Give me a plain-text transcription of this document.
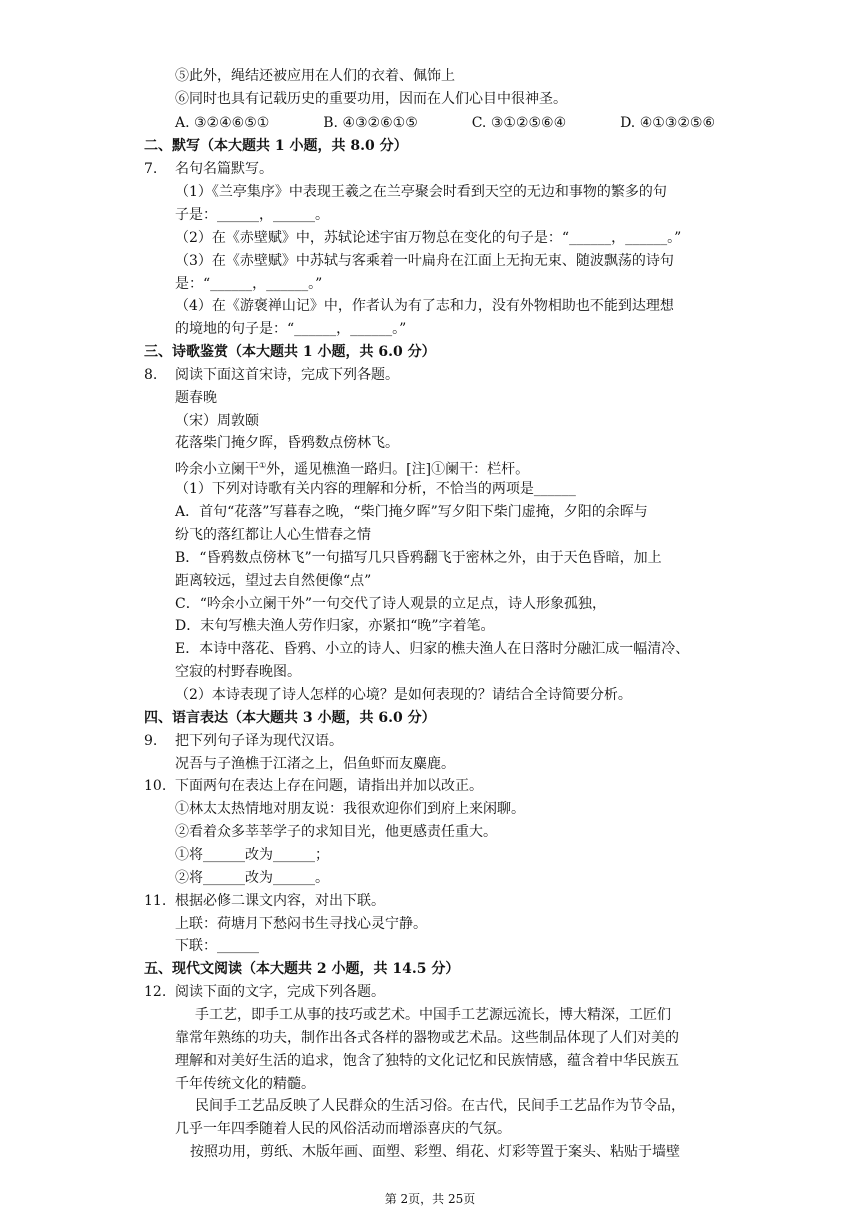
⑤此外，绳结还被应用在人们的衣着、佩饰上
⑥同时也具有记载历史的重要功用，因而在人们心目中很神圣。
A. ③②④⑥⑤①	B. ④③②⑥①⑤	C. ③①②⑤⑥④	D. ④①③②⑤⑥
二、默写（本大题共 1 小题，共 8.0 分）
7. 名句名篇默写。
（1）《兰亭集序》中表现王羲之在兰亭聚会时看到天空的无边和事物的繁多的句
子是：______，______。
（2）在《赤壁赋》中，苏轼论述宇宙万物总在变化的句子是：“______，______。”
（3）在《赤壁赋》中苏轼与客乘着一叶扁舟在江面上无拘无束、随波飘荡的诗句
是：“______，______。”
（4）在《游褒禅山记》中，作者认为有了志和力，没有外物相助也不能到达理想
的境地的句子是：“______，______。”
三、诗歌鉴赏（本大题共 1 小题，共 6.0 分）
8. 阅读下面这首宋诗，完成下列各题。
题春晚
（宋）周敦颐
花落柴门掩夕晖，昏鸦数点傍林飞。
吟余小立阑干①外，遥见樵渔一路归。[注]①阑干：栏杆。
（1）下列对诗歌有关内容的理解和分析，不恰当的两项是______
A．首句“花落”写暮春之晚，“柴门掩夕晖”写夕阳下柴门虚掩，夕阳的余晖与
纷飞的落红都让人心生惜春之情
B．“昏鸦数点傍林飞”一句描写几只昏鸦翻飞于密林之外，由于天色昏暗，加上
距离较远，望过去自然便像“点”
C．“吟余小立阑干外”一句交代了诗人观景的立足点，诗人形象孤独，
D．末句写樵夫渔人劳作归家，亦紧扣“晚”字着笔。
E．本诗中落花、昏鸦、小立的诗人、归家的樵夫渔人在日落时分融汇成一幅清冷、
空寂的村野春晚图。
（2）本诗表现了诗人怎样的心境？是如何表现的？请结合全诗简要分析。
四、语言表达（本大题共 3 小题，共 6.0 分）
9. 把下列句子译为现代汉语。
况吾与子渔樵于江渚之上，侣鱼虾而友麋鹿。
10. 下面两句在表达上存在问题，请指出并加以改正。
①林太太热情地对朋友说：我很欢迎你们到府上来闲聊。
②看着众多莘莘学子的求知目光，他更感责任重大。
①将______改为______；
②将______改为______。
11. 根据必修二课文内容，对出下联。
上联：荷塘月下愁闷书生寻找心灵宁静。
下联：______
五、现代文阅读（本大题共 2 小题，共 14.5 分）
12. 阅读下面的文字，完成下列各题。
手工艺，即手工从事的技巧或艺术。中国手工艺源远流长，博大精深，工匠们
靠常年熟练的功夫，制作出各式各样的器物或艺术品。这些制品体现了人们对美的
理解和对美好生活的追求，饱含了独特的文化记忆和民族情感，蕴含着中华民族五
千年传统文化的精髓。
民间手工艺品反映了人民群众的生活习俗。在古代，民间手工艺品作为节令品，
几乎一年四季随着人民的风俗活动而增添喜庆的气氛。
按照功用，剪纸、木版年画、面塑、彩塑、绢花、灯彩等置于案头、粘贴于墙壁
第 2页，共 25页
